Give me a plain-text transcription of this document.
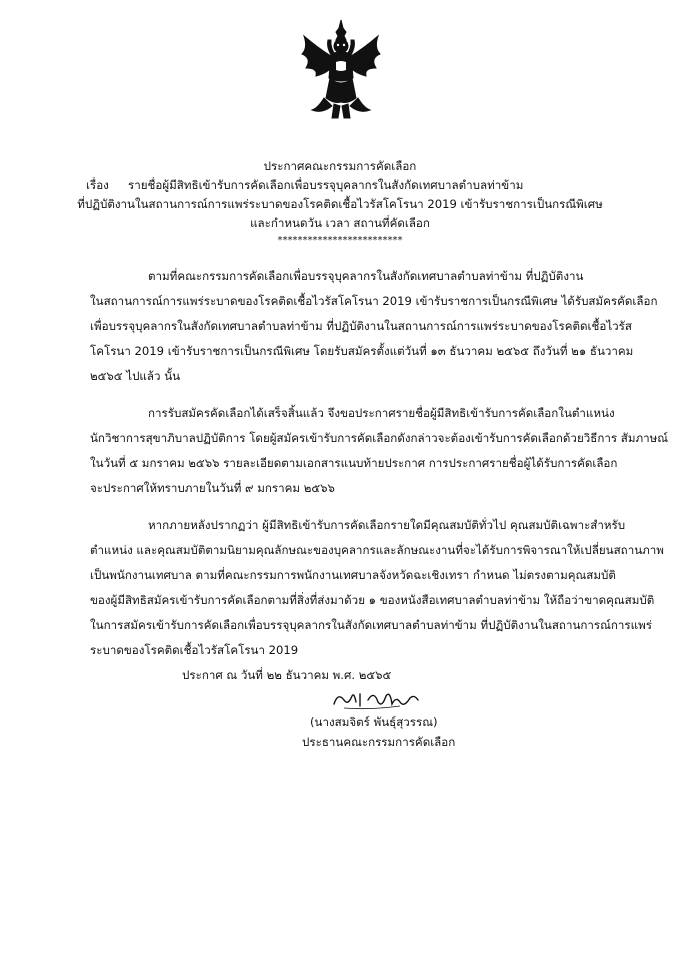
ประกาศคณะกรรมการคัดเลือก
เรื่อง รายชื่อผู้มีสิทธิเข้ารับการคัดเลือกเพื่อบรรจุบุคลากรในสังกัดเทศบาลตำบลท่าข้าม
ที่ปฏิบัติงานในสถานการณ์การแพร่ระบาดของโรคติดเชื้อไวรัสโคโรนา 2019 เข้ารับราชการเป็นกรณีพิเศษ
และกำหนดวัน เวลา สถานที่คัดเลือก
*************************
ตามที่คณะกรรมการคัดเลือกเพื่อบรรจุบุคลากรในสังกัดเทศบาลตำบลท่าข้าม ที่ปฏิบัติงาน
ในสถานการณ์การแพร่ระบาดของโรคติดเชื้อไวรัสโคโรนา 2019 เข้ารับราชการเป็นกรณีพิเศษ ได้รับสมัครคัดเลือก
เพื่อบรรจุบุคลากรในสังกัดเทศบาลตำบลท่าข้าม ที่ปฏิบัติงานในสถานการณ์การแพร่ระบาดของโรคติดเชื้อไวรัส
โคโรนา 2019 เข้ารับราชการเป็นกรณีพิเศษ โดยรับสมัครตั้งแต่วันที่ ๑๓ ธันวาคม ๒๕๖๕ ถึงวันที่ ๒๑ ธันวาคม
๒๕๖๕ ไปแล้ว นั้น
การรับสมัครคัดเลือกได้เสร็จสิ้นแล้ว จึงขอประกาศรายชื่อผู้มีสิทธิเข้ารับการคัดเลือกในตำแหน่ง
นักวิชาการสุขาภิบาลปฏิบัติการ โดยผู้สมัครเข้ารับการคัดเลือกดังกล่าวจะต้องเข้ารับการคัดเลือกด้วยวิธีการ สัมภาษณ์
ในวันที่ ๕ มกราคม ๒๕๖๖ รายละเอียดตามเอกสารแนบท้ายประกาศ การประกาศรายชื่อผู้ได้รับการคัดเลือก
จะประกาศให้ทราบภายในวันที่ ๙ มกราคม ๒๕๖๖
หากภายหลังปรากฏว่า ผู้มีสิทธิเข้ารับการคัดเลือกรายใดมีคุณสมบัติทั่วไป คุณสมบัติเฉพาะสำหรับ
ตำแหน่ง และคุณสมบัติตามนิยามคุณลักษณะของบุคลากรและลักษณะงานที่จะได้รับการพิจารณาให้เปลี่ยนสถานภาพ
เป็นพนักงานเทศบาล ตามที่คณะกรรมการพนักงานเทศบาลจังหวัดฉะเชิงเทรา กำหนด ไม่ตรงตามคุณสมบัติ
ของผู้มีสิทธิสมัครเข้ารับการคัดเลือกตามที่สิ่งที่ส่งมาด้วย ๑ ของหนังสือเทศบาลตำบลท่าข้าม ให้ถือว่าขาดคุณสมบัติ
ในการสมัครเข้ารับการคัดเลือกเพื่อบรรจุบุคลากรในสังกัดเทศบาลตำบลท่าข้าม ที่ปฏิบัติงานในสถานการณ์การแพร่
ระบาดของโรคติดเชื้อไวรัสโคโรนา 2019
ประกาศ ณ วันที่ ๒๒ ธันวาคม พ.ศ. ๒๕๖๕
(นางสมจิตร์ พันธุ์สุวรรณ)
ประธานคณะกรรมการคัดเลือก
